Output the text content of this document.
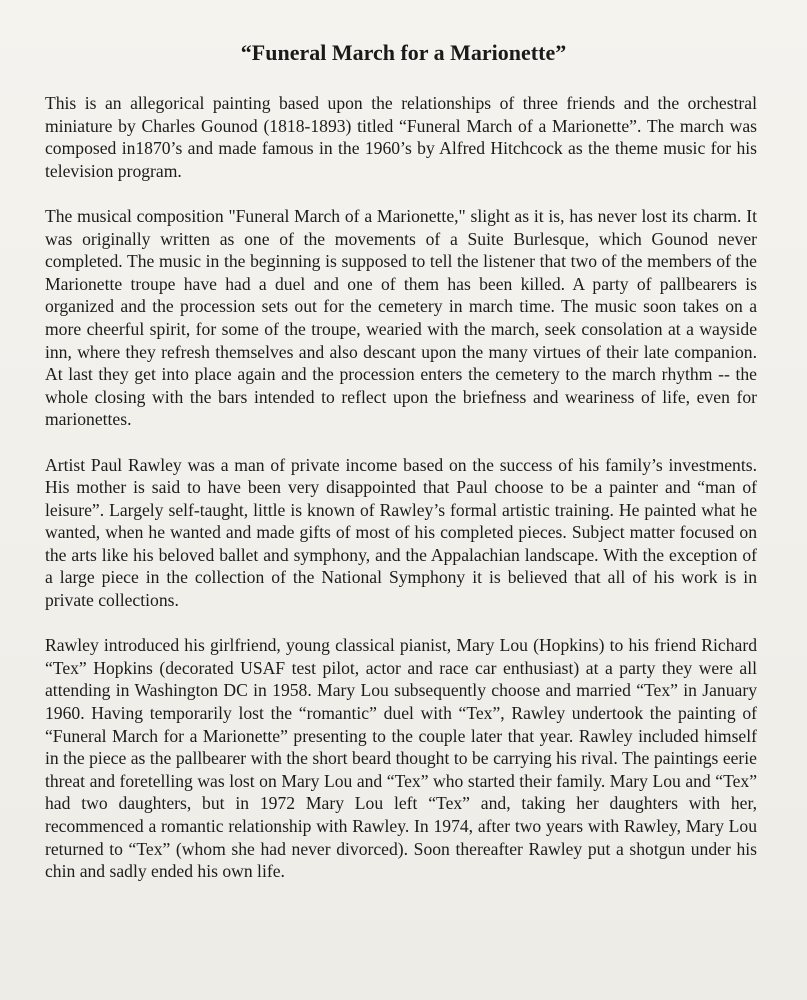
​
“Funeral March for a Marionette”

This is an allegorical painting based upon the relationships of three friends and the orchestral miniature by Charles Gounod (1818-1893) titled “Funeral March of a Marionette”. The march was composed in1870’s and made famous in the 1960’s by Alfred Hitchcock as the theme music for his television program.

The musical composition "Funeral March of a Marionette," slight as it is, has never lost its charm. It was originally written as one of the movements of a Suite Burlesque, which Gounod never completed. The music in the beginning is supposed to tell the listener that two of the members of the Marionette troupe have had a duel and one of them has been killed. A party of pallbearers is organized and the procession sets out for the cemetery in march time. The music soon takes on a more cheerful spirit, for some of the troupe, wearied with the march, seek consolation at a wayside inn, where they refresh themselves and also descant upon the many virtues of their late companion. At last they get into place again and the procession enters the cemetery to the march rhythm -- the whole closing with the bars intended to reflect upon the briefness and weariness of life, even for marionettes.

Artist Paul Rawley was a man of private income based on the success of his family’s investments. His mother is said to have been very disappointed that Paul choose to be a painter and “man of leisure”. Largely self-taught, little is known of Rawley’s formal artistic training. He painted what he wanted, when he wanted and made gifts of most of his completed pieces. Subject matter focused on the arts like his beloved ballet and symphony, and the Appalachian landscape. With the exception of a large piece in the collection of the National Symphony it is believed that all of his work is in private collections.

Rawley introduced his girlfriend, young classical pianist, Mary Lou (Hopkins) to his friend Richard “Tex” Hopkins (decorated USAF test pilot, actor and race car enthusiast) at a party they were all attending in Washington DC in 1958. Mary Lou subsequently choose and married “Tex” in January 1960. Having temporarily lost the “romantic” duel with “Tex”, Rawley undertook the painting of “Funeral March for a Marionette” presenting to the couple later that year. Rawley included himself in the piece as the pallbearer with the short beard thought to be carrying his rival. The paintings eerie threat and foretelling was lost on Mary Lou and “Tex” who started their family. Mary Lou and “Tex” had two daughters, but in 1972 Mary Lou left “Tex” and, taking her daughters with her, recommenced a romantic relationship with Rawley. In 1974, after two years with Rawley, Mary Lou returned to “Tex” (whom she had never divorced). Soon thereafter Rawley put a shotgun under his chin and sadly ended his own life.
